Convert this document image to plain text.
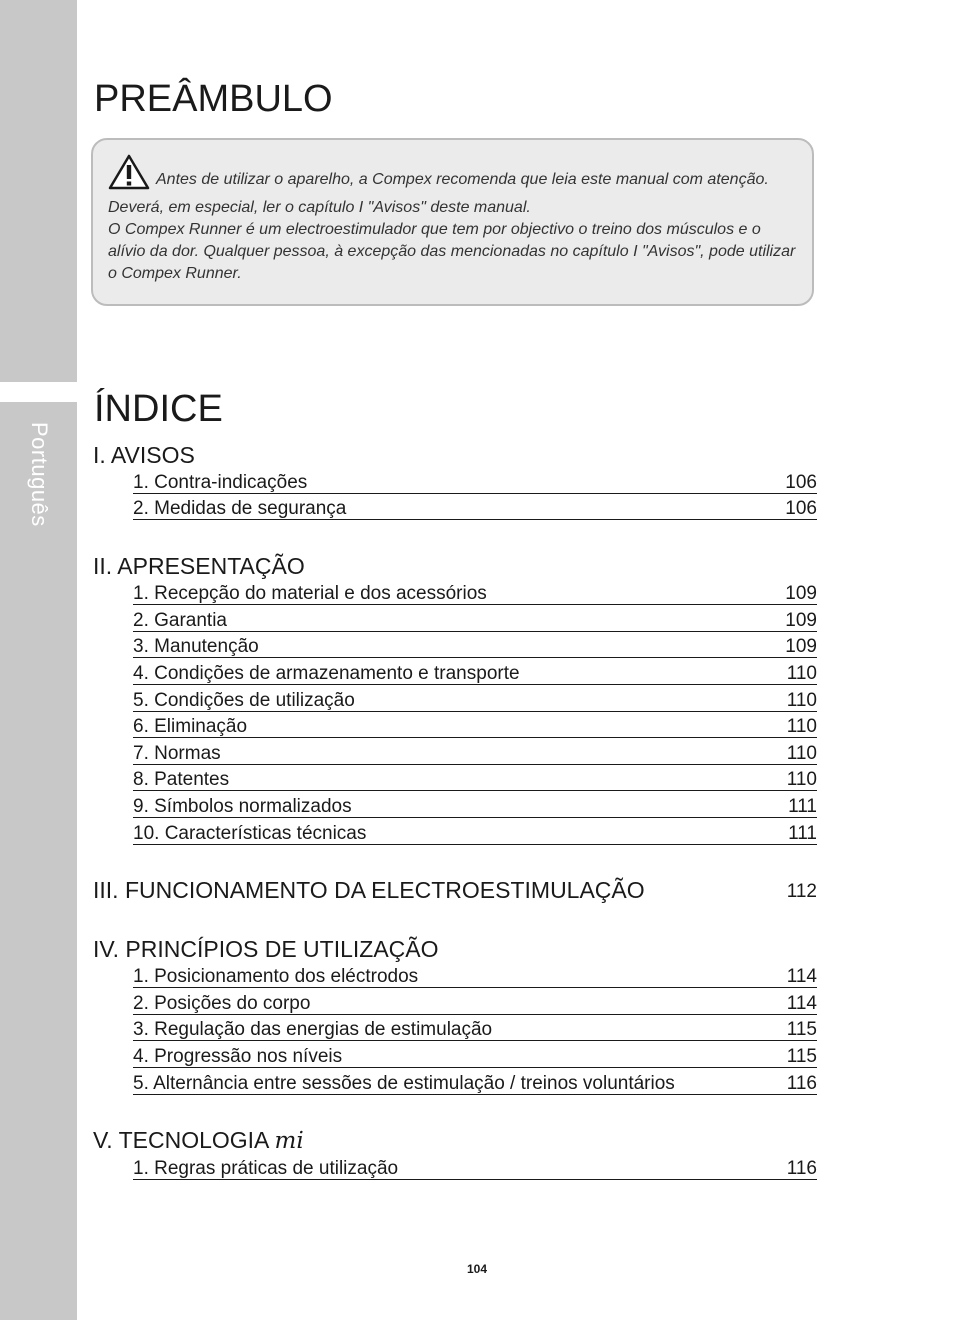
Português
PREÂMBULO

Antes de utilizar o aparelho, a Compex recomenda que leia este manual com atenção. Deverá, em especial, ler o capítulo I "Avisos" deste manual.

O Compex Runner é um electroestimulador que tem por objectivo o treino dos músculos e o alívio da dor. Qualquer pessoa, à excepção das mencionadas no capítulo I "Avisos", pode utilizar o Compex Runner.

ÍNDICE
I. AVISOS
1. Contra-indicações	106
2. Medidas de segurança	106
II. APRESENTAÇÃO
1. Recepção do material e dos acessórios	109
2. Garantia	109
3. Manutenção	109
4. Condições de armazenamento e transporte	110
5. Condições de utilização	110
6. Eliminação	110
7. Normas	110
8. Patentes	110
9. Símbolos normalizados	111
10. Características técnicas	111
III. FUNCIONAMENTO DA ELECTROESTIMULAÇÃO	112
IV. PRINCÍPIOS DE UTILIZAÇÃO
1. Posicionamento dos eléctrodos	114
2. Posições do corpo	114
3. Regulação das energias de estimulação	115
4. Progressão nos níveis	115
5. Alternância entre sessões de estimulação / treinos voluntários	116
V. TECNOLOGIA mi
1. Regras práticas de utilização	116
104
